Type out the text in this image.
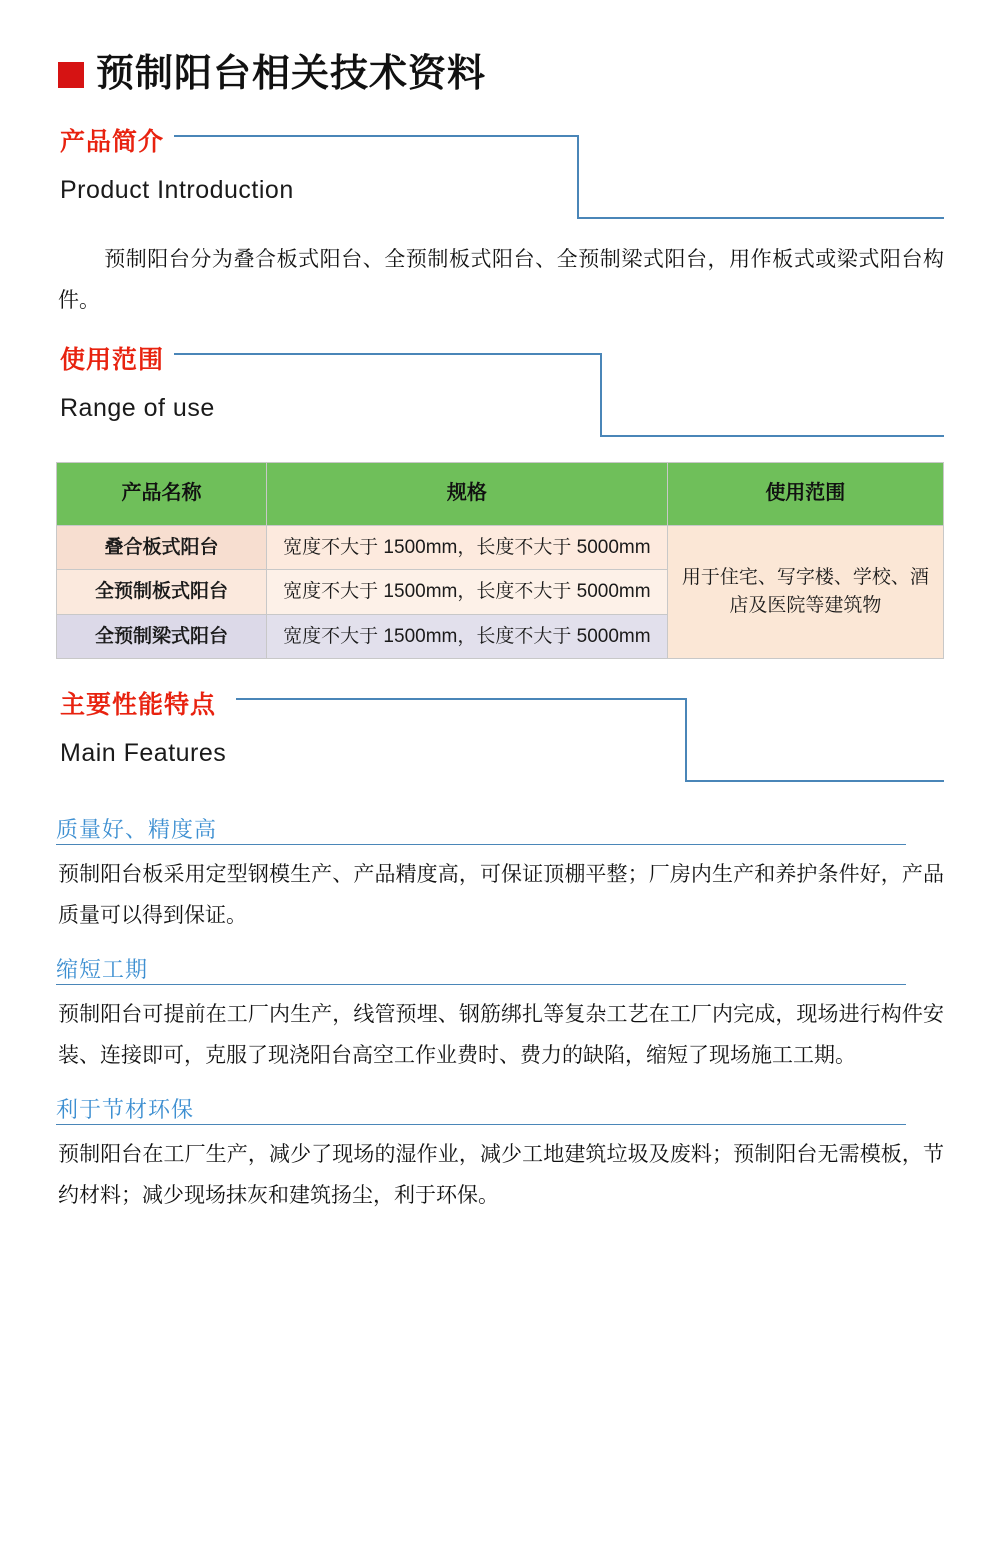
预制阳台相关技术资料
产品简介
Product Introduction

预制阳台分为叠合板式阳台、全预制板式阳台、全预制梁式阳台，用作板式或梁式阳台构件。

使用范围
Range of use
产品名称	规格	使用范围
叠合板式阳台	宽度不大于 1500mm，长度不大于 5000mm	用于住宅、写字楼、学校、酒店及医院等建筑物
全预制板式阳台	宽度不大于 1500mm，长度不大于 5000mm	
全预制梁式阳台	宽度不大于 1500mm，长度不大于 5000mm	
主要性能特点
Main Features
质量好、精度高

预制阳台板采用定型钢模生产、产品精度高，可保证顶棚平整；厂房内生产和养护条件好，产品质量可以得到保证。

缩短工期

预制阳台可提前在工厂内生产，线管预埋、钢筋绑扎等复杂工艺在工厂内完成，现场进行构件安装、连接即可，克服了现浇阳台高空工作业费时、费力的缺陷，缩短了现场施工工期。

利于节材环保

预制阳台在工厂生产，减少了现场的湿作业，减少工地建筑垃圾及废料；预制阳台无需模板，节约材料；减少现场抹灰和建筑扬尘，利于环保。
